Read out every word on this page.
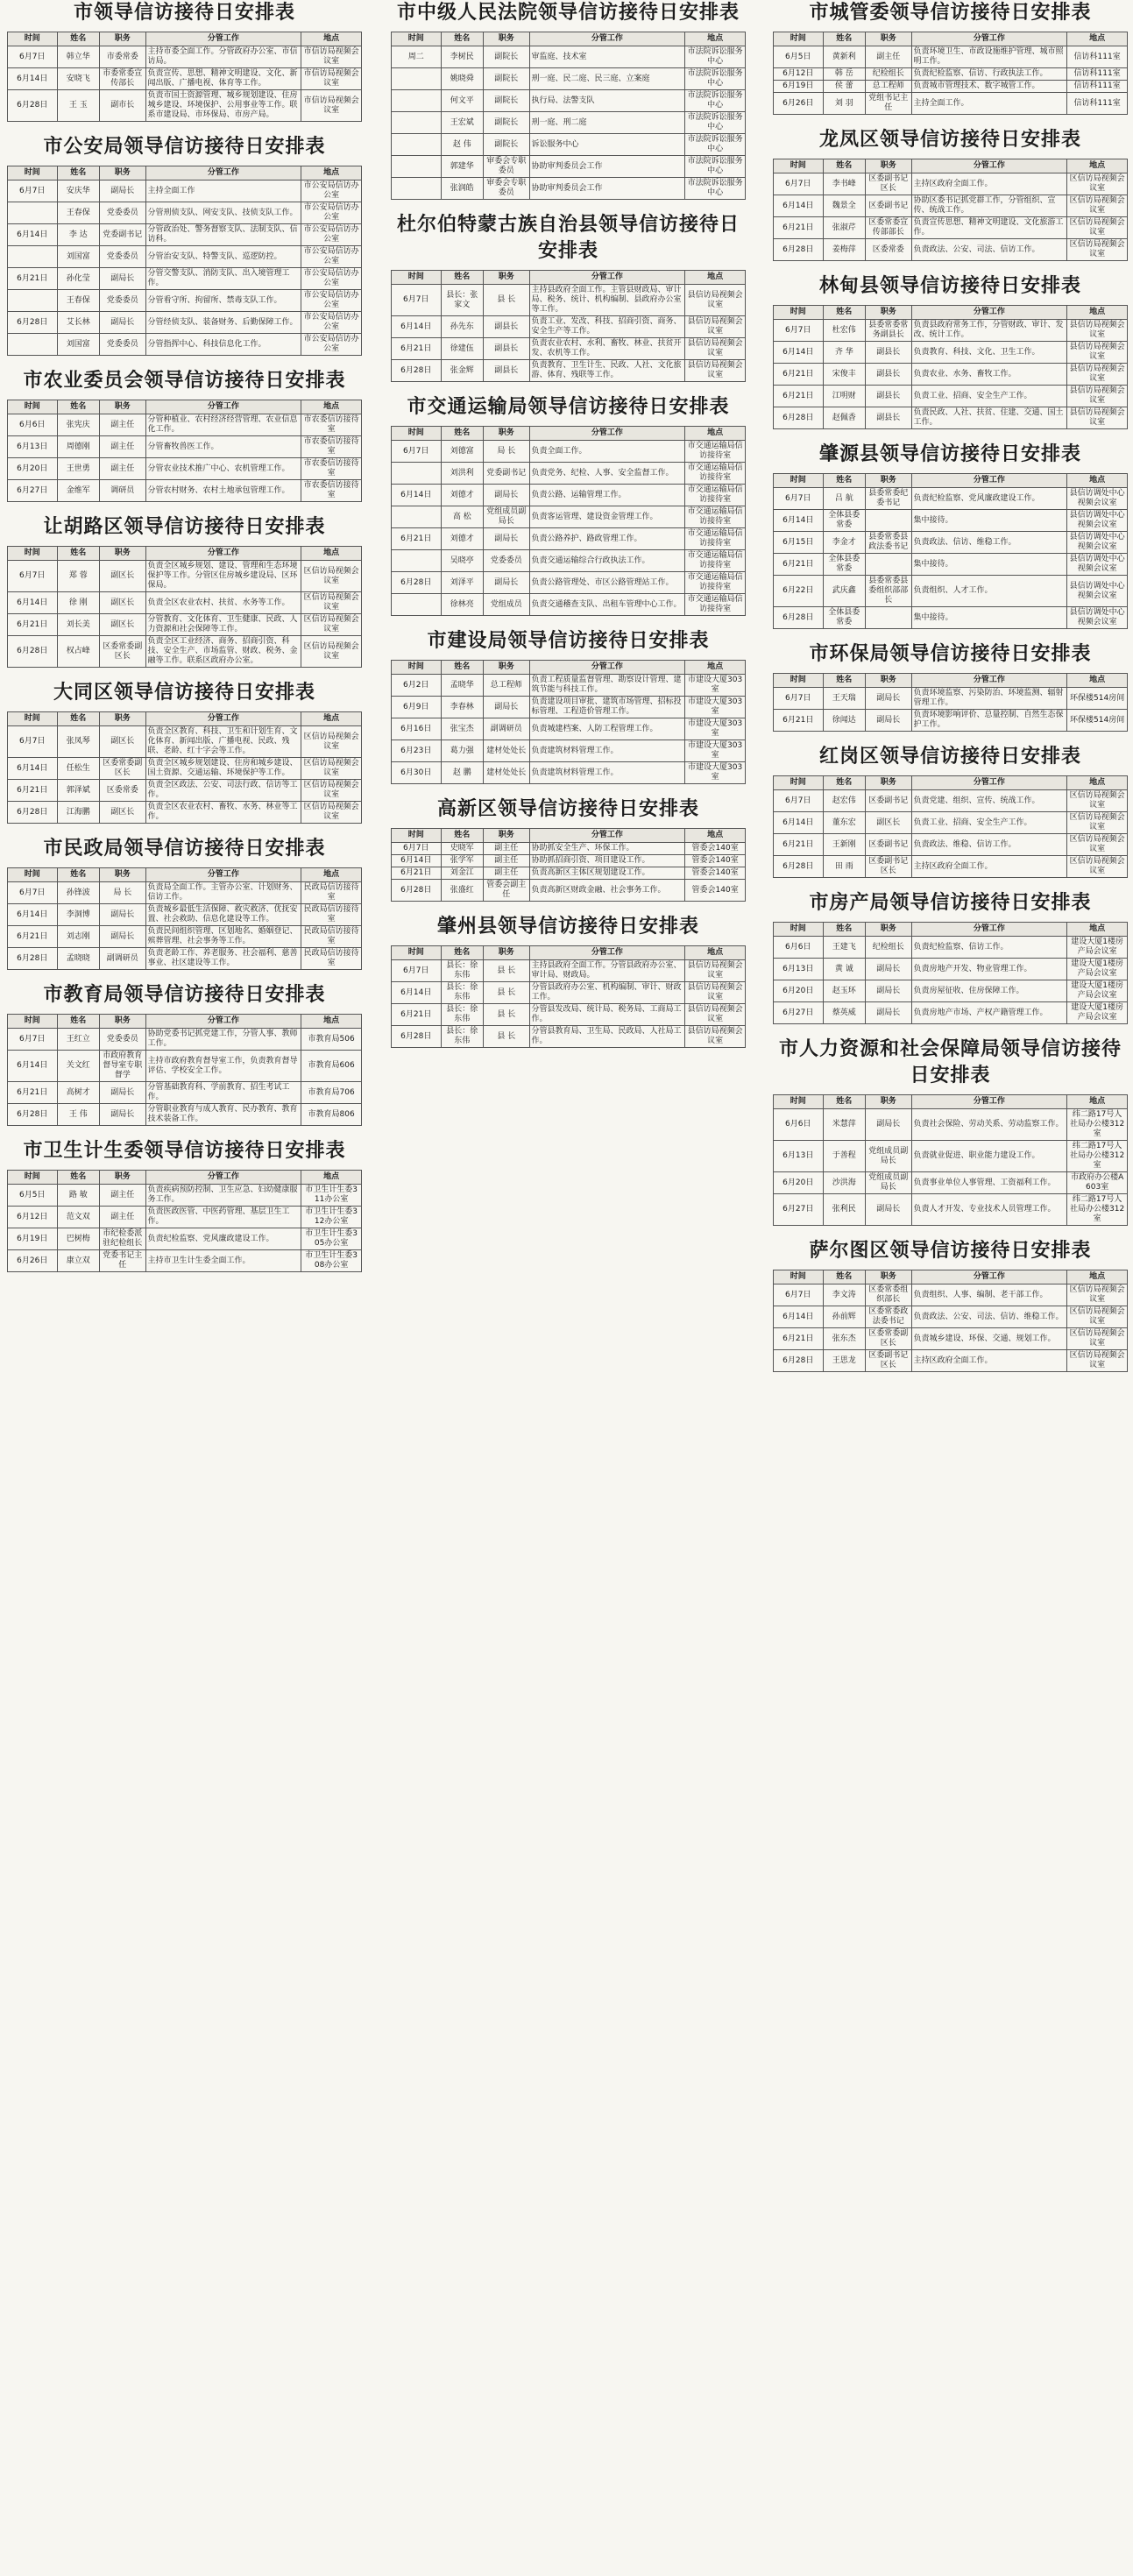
市领导信访接待日安排表
时间	姓名	职务	分管工作	地点
6月7日	韩立华	市委常委	主持市委全面工作。分管政府办公室、市信访局。	市信访局视频会议室
6月14日	安晓飞	市委常委宣传部长	负责宣传、思想、精神文明建设、文化、新闻出版、广播电视、体育等工作。	市信访局视频会议室
6月28日	王 玉	副市长	负责市国土资源管理、城乡规划建设、住房城乡建设、环境保护、公用事业等工作。联系市建设局、市环保局、市房产局。	市信访局视频会议室
市公安局领导信访接待日安排表
时间	姓名	职务	分管工作	地点
6月7日	安庆华	副局长	主持全面工作	市公安局信访办公室
	王春保	党委委员	分管刑侦支队、网安支队、技侦支队工作。	市公安局信访办公室
6月14日	李 达	党委副书记	分管政治处、警务督察支队、法制支队、信访科。	市公安局信访办公室
	刘国富	党委委员	分管治安支队、特警支队、巡逻防控。	市公安局信访办公室
6月21日	孙化莹	副局长	分管交警支队、消防支队、出入境管理工作。	市公安局信访办公室
	王春保	党委委员	分管看守所、拘留所、禁毒支队工作。	市公安局信访办公室
6月28日	艾长林	副局长	分管经侦支队、装备财务、后勤保障工作。	市公安局信访办公室
	刘国富	党委委员	分管指挥中心、科技信息化工作。	市公安局信访办公室
市农业委员会领导信访接待日安排表
时间	姓名	职务	分管工作	地点
6月6日	张宪庆	副主任	分管种植业、农村经济经营管理、农业信息化工作。	市农委信访接待室
6月13日	周德刚	副主任	分管畜牧兽医工作。	市农委信访接待室
6月20日	王世勇	副主任	分管农业技术推广中心、农机管理工作。	市农委信访接待室
6月27日	金维军	调研员	分管农村财务、农村土地承包管理工作。	市农委信访接待室
让胡路区领导信访接待日安排表
时间	姓名	职务	分管工作	地点
6月7日	郑 蓉	副区长	负责全区城乡规划、建设、管理和生态环境保护等工作。分管区住房城乡建设局、区环保局。	区信访局视频会议室
6月14日	徐 刚	副区长	负责全区农业农村、扶贫、水务等工作。	区信访局视频会议室
6月21日	刘长美	副区长	分管教育、文化体育、卫生健康、民政、人力资源和社会保障等工作。	区信访局视频会议室
6月28日	权占峰	区委常委副区长	负责全区工业经济、商务、招商引资、科技、安全生产、市场监管、财政、税务、金融等工作。联系区政府办公室。	区信访局视频会议室
大同区领导信访接待日安排表
时间	姓名	职务	分管工作	地点
6月7日	张凤琴	副区长	负责全区教育、科技、卫生和计划生育、文化体育、新闻出版、广播电视、民政、残联、老龄、红十字会等工作。	区信访局视频会议室
6月14日	任松生	区委常委副区长	负责全区城乡规划建设、住房和城乡建设、国土资源、交通运输、环境保护等工作。	区信访局视频会议室
6月21日	郭泽斌	区委常委	负责全区政法、公安、司法行政、信访等工作。	区信访局视频会议室
6月28日	江海鹏	副区长	负责全区农业农村、畜牧、水务、林业等工作。	区信访局视频会议室
市民政局领导信访接待日安排表
时间	姓名	职务	分管工作	地点
6月7日	孙锋波	局 长	负责局全面工作。主管办公室、计划财务、信访工作。	民政局信访接待室
6月14日	李洞博	副局长	负责城乡最低生活保障、救灾救济、优抚安置、社会救助、信息化建设等工作。	民政局信访接待室
6月21日	刘志刚	副局长	负责民间组织管理、区划地名、婚姻登记、殡葬管理、社会事务等工作。	民政局信访接待室
6月28日	孟晓晓	副调研员	负责老龄工作、养老服务、社会福利、慈善事业、社区建设等工作。	民政局信访接待室
市教育局领导信访接待日安排表
时间	姓名	职务	分管工作	地点
6月7日	王红立	党委委员	协助党委书记抓党建工作，分管人事、教师工作。	市教育局506
6月14日	关文红	市政府教育督导室专职督学	主持市政府教育督导室工作，负责教育督导评估、学校安全工作。	市教育局606
6月21日	高树才	副局长	分管基础教育科、学前教育、招生考试工作。	市教育局706
6月28日	王 伟	副局长	分管职业教育与成人教育、民办教育、教育技术装备工作。	市教育局806
市卫生计生委领导信访接待日安排表
时间	姓名	职务	分管工作	地点
6月5日	路 敏	副主任	负责疾病预防控制、卫生应急、妇幼健康服务工作。	市卫生计生委311办公室
6月12日	范文双	副主任	负责医政医管、中医药管理、基层卫生工作。	市卫生计生委312办公室
6月19日	巴树梅	市纪检委派驻纪检组长	负责纪检监察、党风廉政建设工作。	市卫生计生委305办公室
6月26日	康立双	党委书记主任	主持市卫生计生委全面工作。	市卫生计生委308办公室
市中级人民法院领导信访接待日安排表
时间	姓名	职务	分管工作	地点
周二	李树民	副院长	审监庭、技术室	市法院诉讼服务中心
	姚晓舜	副院长	刑一庭、民二庭、民三庭、立案庭	市法院诉讼服务中心
	何文平	副院长	执行局、法警支队	市法院诉讼服务中心
	王宏斌	副院长	刑一庭、刑二庭	市法院诉讼服务中心
	赵 伟	副院长	诉讼服务中心	市法院诉讼服务中心
	郭建华	审委会专职委员	协助审判委员会工作	市法院诉讼服务中心
	张润皓	审委会专职委员	协助审判委员会工作	市法院诉讼服务中心
杜尔伯特蒙古族自治县领导信访接待日安排表
时间	姓名	职务	分管工作	地点
6月7日	县长：张家文	县 长	主持县政府全面工作。主管县财政局、审计局、税务、统计、机构编制、县政府办公室等工作。	县信访局视频会议室
6月14日	孙先东	副县长	负责工业、发改、科技、招商引资、商务、安全生产等工作。	县信访局视频会议室
6月21日	徐建伍	副县长	负责农业农村、水利、畜牧、林业、扶贫开发、农机等工作。	县信访局视频会议室
6月28日	张金辉	副县长	负责教育、卫生计生、民政、人社、文化旅游、体育、残联等工作。	县信访局视频会议室
市交通运输局领导信访接待日安排表
时间	姓名	职务	分管工作	地点
6月7日	刘德富	局 长	负责全面工作。	市交通运输局信访接待室
	刘洪利	党委副书记	负责党务、纪检、人事、安全监督工作。	市交通运输局信访接待室
6月14日	刘德才	副局长	负责公路、运输管理工作。	市交通运输局信访接待室
	高 松	党组成员副局长	负责客运管理、建设资金管理工作。	市交通运输局信访接待室
6月21日	刘德才	副局长	负责公路养护、路政管理工作。	市交通运输局信访接待室
	吴晓亭	党委委员	负责交通运输综合行政执法工作。	市交通运输局信访接待室
6月28日	刘泽平	副局长	负责公路管理处、市区公路管理站工作。	市交通运输局信访接待室
	徐林亮	党组成员	负责交通稽查支队、出租车管理中心工作。	市交通运输局信访接待室
市建设局领导信访接待日安排表
时间	姓名	职务	分管工作	地点
6月2日	孟晓华	总工程师	负责工程质量监督管理、勘察设计管理、建筑节能与科技工作。	市建设大厦303室
6月9日	李春林	副局长	负责建设项目审批、建筑市场管理、招标投标管理、工程造价管理工作。	市建设大厦303室
6月16日	张宝杰	副调研员	负责城建档案、人防工程管理工作。	市建设大厦303室
6月23日	葛力强	建材处处长	负责建筑材料管理工作。	市建设大厦303室
6月30日	赵 鹏	建材处处长	负责建筑材料管理工作。	市建设大厦303室
高新区领导信访接待日安排表
时间	姓名	职务	分管工作	地点
6月7日	史晓军	副主任	协助抓安全生产、环保工作。	管委会140室
6月14日	张学军	副主任	协助抓招商引资、项目建设工作。	管委会140室
6月21日	刘金江	副主任	负责高新区主体区规划建设工作。	管委会140室
6月28日	张盛红	管委会副主任	负责高新区财政金融、社会事务工作。	管委会140室
肇州县领导信访接待日安排表
时间	姓名	职务	分管工作	地点
6月7日	县长：徐东伟	县 长	主持县政府全面工作。分管县政府办公室、审计局、财政局。	县信访局视频会议室
6月14日	县长：徐东伟	县 长	分管县政府办公室、机构编制、审计、财政工作。	县信访局视频会议室
6月21日	县长：徐东伟	县 长	分管县发改局、统计局、税务局、工商局工作。	县信访局视频会议室
6月28日	县长：徐东伟	县 长	分管县教育局、卫生局、民政局、人社局工作。	县信访局视频会议室
市城管委领导信访接待日安排表
时间	姓名	职务	分管工作	地点
6月5日	黄新利	副主任	负责环境卫生、市政设施维护管理、城市照明工作。	信访科111室
6月12日	韩 岳	纪检组长	负责纪检监察、信访、行政执法工作。	信访科111室
6月19日	侯 蕾	总工程师	负责城市管理技术、数字城管工作。	信访科111室
6月26日	刘 羽	党组书记主任	主持全面工作。	信访科111室
龙凤区领导信访接待日安排表
时间	姓名	职务	分管工作	地点
6月7日	李书峰	区委副书记区长	主持区政府全面工作。	区信访局视频会议室
6月14日	魏景全	区委副书记	协助区委书记抓党群工作，分管组织、宣传、统战工作。	区信访局视频会议室
6月21日	张淑芹	区委常委宣传部部长	负责宣传思想、精神文明建设、文化旅游工作。	区信访局视频会议室
6月28日	姜梅萍	区委常委	负责政法、公安、司法、信访工作。	区信访局视频会议室
林甸县领导信访接待日安排表
时间	姓名	职务	分管工作	地点
6月7日	杜宏伟	县委常委常务副县长	负责县政府常务工作，分管财政、审计、发改、统计工作。	县信访局视频会议室
6月14日	齐 华	副县长	负责教育、科技、文化、卫生工作。	县信访局视频会议室
6月21日	宋俊丰	副县长	负责农业、水务、畜牧工作。	县信访局视频会议室
6月21日	江明财	副县长	负责工业、招商、安全生产工作。	县信访局视频会议室
6月28日	赵佩香	副县长	负责民政、人社、扶贫、住建、交通、国土工作。	县信访局视频会议室
肇源县领导信访接待日安排表
时间	姓名	职务	分管工作	地点
6月7日	吕 航	县委常委纪委书记	负责纪检监察、党风廉政建设工作。	县信访调处中心视频会议室
6月14日	全体县委常委		集中接待。	县信访调处中心视频会议室
6月15日	李金才	县委常委县政法委书记	负责政法、信访、维稳工作。	县信访调处中心视频会议室
6月21日	全体县委常委		集中接待。	县信访调处中心视频会议室
6月22日	武庆鑫	县委常委县委组织部部长	负责组织、人才工作。	县信访调处中心视频会议室
6月28日	全体县委常委		集中接待。	县信访调处中心视频会议室
市环保局领导信访接待日安排表
时间	姓名	职务	分管工作	地点
6月7日	王天瑞	副局长	负责环境监察、污染防治、环境监测、辐射管理工作。	环保楼514房间
6月21日	徐闻达	副局长	负责环境影响评价、总量控制、自然生态保护工作。	环保楼514房间
红岗区领导信访接待日安排表
时间	姓名	职务	分管工作	地点
6月7日	赵宏伟	区委副书记	负责党建、组织、宣传、统战工作。	区信访局视频会议室
6月14日	董东宏	副区长	负责工业、招商、安全生产工作。	区信访局视频会议室
6月21日	王新刚	区委副书记	负责政法、维稳、信访工作。	区信访局视频会议室
6月28日	田 雨	区委副书记区长	主持区政府全面工作。	区信访局视频会议室
市房产局领导信访接待日安排表
时间	姓名	职务	分管工作	地点
6月6日	王建飞	纪检组长	负责纪检监察、信访工作。	建设大厦1楼房产局会议室
6月13日	黄 诚	副局长	负责房地产开发、物业管理工作。	建设大厦1楼房产局会议室
6月20日	赵玉环	副局长	负责房屋征收、住房保障工作。	建设大厦1楼房产局会议室
6月27日	蔡英威	副局长	负责房地产市场、产权产籍管理工作。	建设大厦1楼房产局会议室
市人力资源和社会保障局领导信访接待日安排表
时间	姓名	职务	分管工作	地点
6月6日	米慧萍	副局长	负责社会保险、劳动关系、劳动监察工作。	纬二路17号人社局办公楼312室
6月13日	于善程	党组成员副局长	负责就业促进、职业能力建设工作。	纬二路17号人社局办公楼312室
6月20日	沙洪海	党组成员副局长	负责事业单位人事管理、工资福利工作。	市政府办公楼A603室
6月27日	张利民	副局长	负责人才开发、专业技术人员管理工作。	纬二路17号人社局办公楼312室
萨尔图区领导信访接待日安排表
时间	姓名	职务	分管工作	地点
6月7日	李文涛	区委常委组织部长	负责组织、人事、编制、老干部工作。	区信访局视频会议室
6月14日	孙前辉	区委常委政法委书记	负责政法、公安、司法、信访、维稳工作。	区信访局视频会议室
6月21日	张东杰	区委常委副区长	负责城乡建设、环保、交通、规划工作。	区信访局视频会议室
6月28日	王思龙	区委副书记区长	主持区政府全面工作。	区信访局视频会议室
